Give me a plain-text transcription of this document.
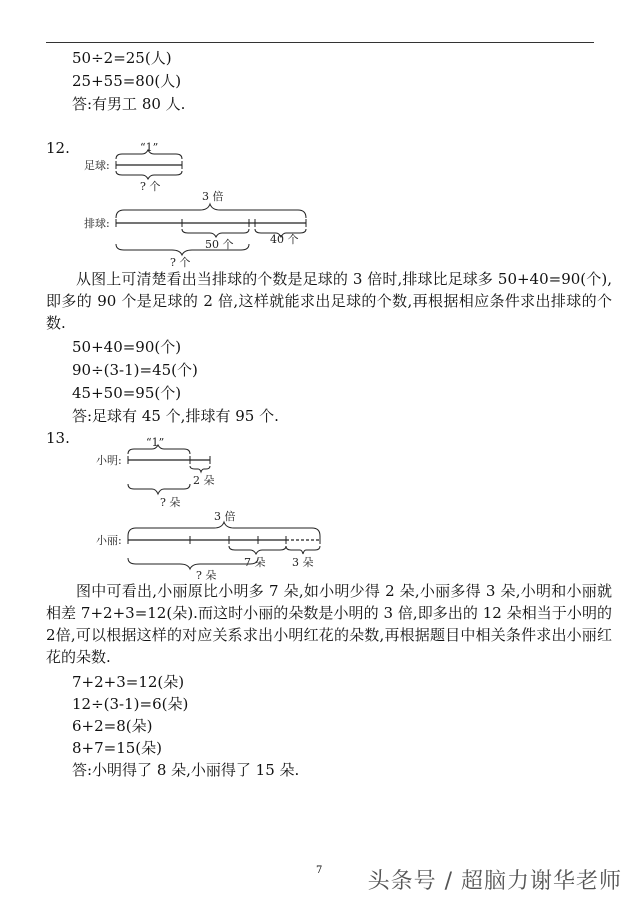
50÷2=25(人)
25+55=80(人)
答:有男工 80 人.
12.
足球:
“1”
? 个
3 倍
排球:
50 个	40 个
? 个
从图上可清楚看出当排球的个数是足球的 3 倍时,排球比足球多 50+40=90(个),即多的 90 个是足球的 2 倍,这样就能求出足球的个数,再根据相应条件求出排球的个数.
50+40=90(个)
90÷(3-1)=45(个)
45+50=95(个)
答:足球有 45 个,排球有 95 个.
13.	“1”
小明:
2 朵
? 朵
3 倍
小丽:
7 朵 3 朵
? 朵
图中可看出,小丽原比小明多 7 朵,如小明少得 2 朵,小丽多得 3 朵,小明和小丽就相差 7+2+3=12(朵).而这时小丽的朵数是小明的 3 倍,即多出的 12 朵相当于小明的 2倍,可以根据这样的对应关系求出小明红花的朵数,再根据题目中相关条件求出小丽红花的朵数.
7+2+3=12(朵)
12÷(3-1)=6(朵)
6+2=8(朵)
8+7=15(朵)
答:小明得了 8 朵,小丽得了 15 朵.
7 头条号 / 超脑力谢华老师
